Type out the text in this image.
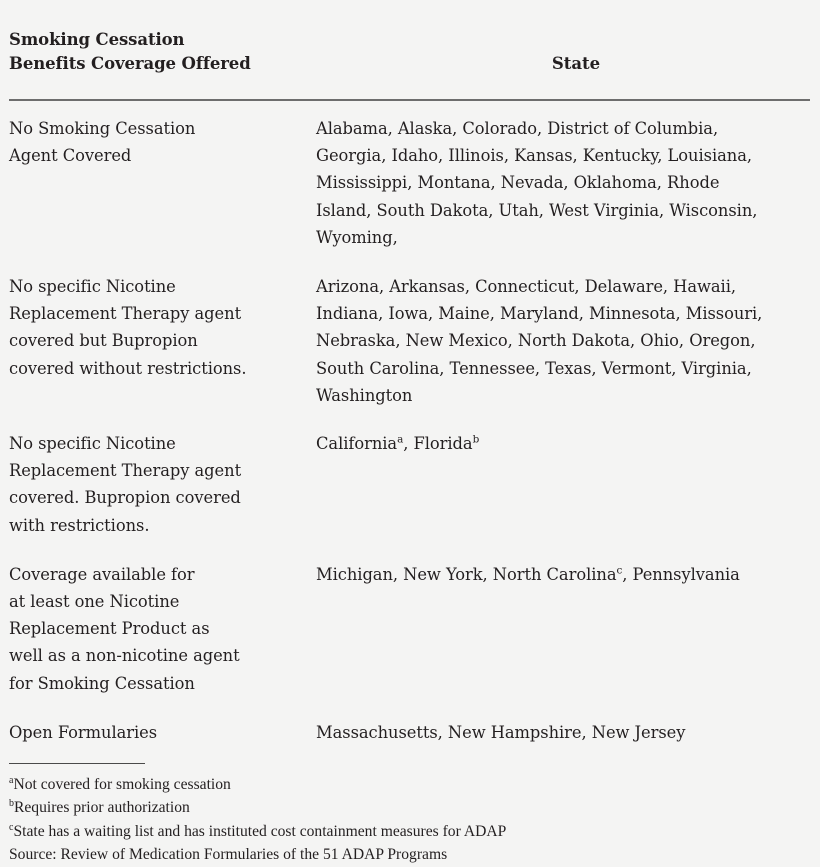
Smoking Cessation
Benefits Coverage Offered	State
No Smoking Cessation
Agent Covered
Alabama, Alaska, Colorado, District of Columbia,
Georgia, Idaho, Illinois, Kansas, Kentucky, Louisiana,
Mississippi, Montana, Nevada, Oklahoma, Rhode
Island, South Dakota, Utah, West Virginia, Wisconsin,
Wyoming,
No specific Nicotine
Replacement Therapy agent
covered but Bupropion
covered without restrictions.
Arizona, Arkansas, Connecticut, Delaware, Hawaii,
Indiana, Iowa, Maine, Maryland, Minnesota, Missouri,
Nebraska, New Mexico, North Dakota, Ohio, Oregon,
South Carolina, Tennessee, Texas, Vermont, Virginia,
Washington
No specific Nicotine
Replacement Therapy agent
covered. Bupropion covered
with restrictions.
California$^a$, Florida$^b$
Coverage available for
at least one Nicotine
Replacement Product as
well as a non-nicotine agent
for Smoking Cessation
Michigan, New York, North Carolina$^c$, Pennsylvania
Open Formularies	Massachusetts, New Hampshire, New Jersey
$^a$Not covered for smoking cessation
$^b$Requires prior authorization
$^c$State has a waiting list and has instituted cost containment measures for ADAP
Source: Review of Medication Formularies of the 51 ADAP Programs
